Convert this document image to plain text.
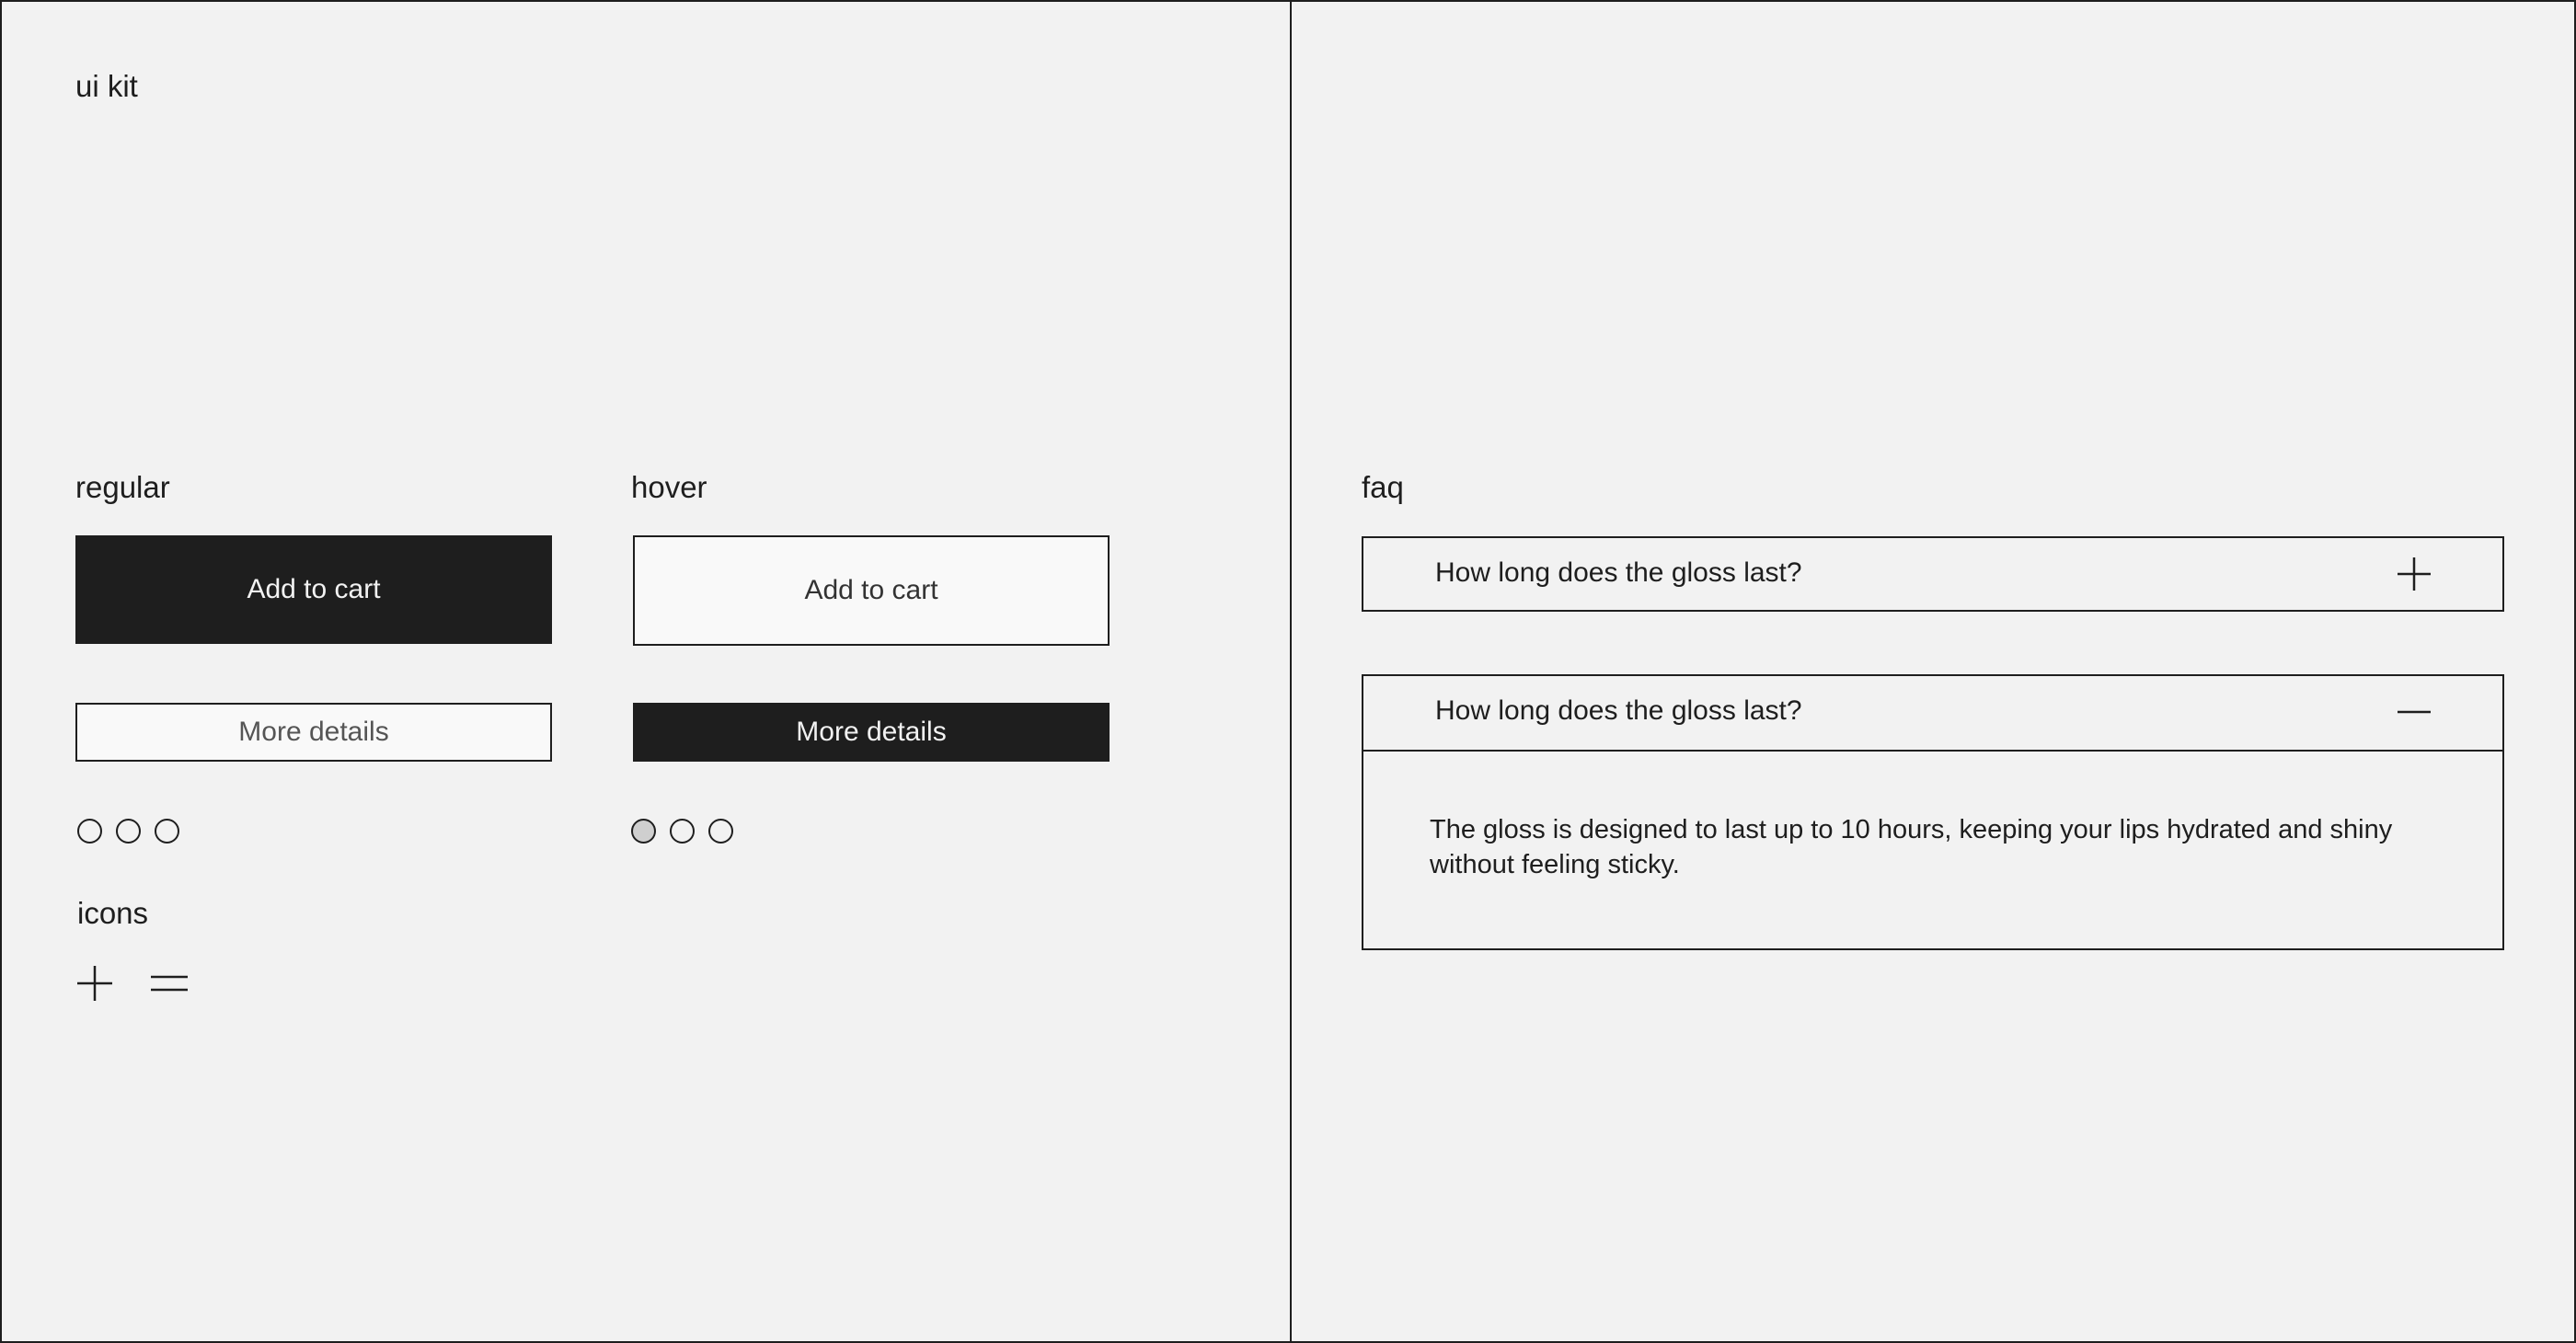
ui kit
regular	hover
Add to cart
More details
Add to cart
More details
icons
faq
How long does the gloss last?
How long does the gloss last?
The gloss is designed to last up to 10 hours, keeping your lips hydrated and shiny without feeling sticky.
